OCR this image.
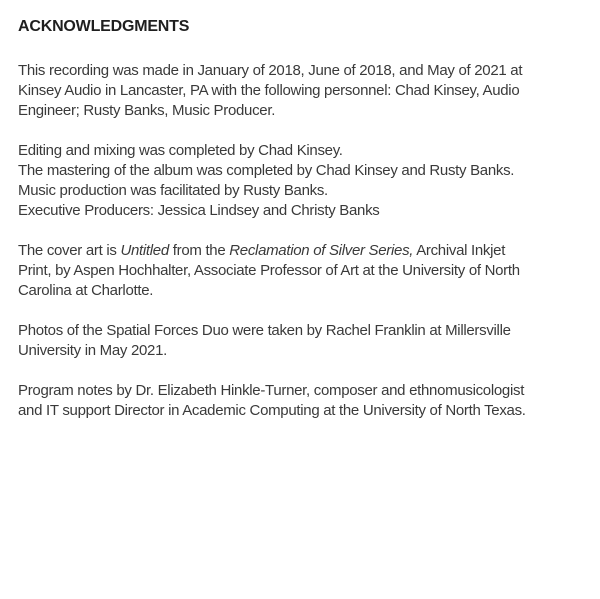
ACKNOWLEDGMENTS

This recording was made in January of 2018, June of 2018, and May of 2021 at
Kinsey Audio in Lancaster, PA with the following personnel: Chad Kinsey, Audio
Engineer; Rusty Banks, Music Producer.

Editing and mixing was completed by Chad Kinsey.
The mastering of the album was completed by Chad Kinsey and Rusty Banks.
Music production was facilitated by Rusty Banks.
Executive Producers: Jessica Lindsey and Christy Banks

The cover art is Untitled from the Reclamation of Silver Series, Archival Inkjet
Print, by Aspen Hochhalter, Associate Professor of Art at the University of North
Carolina at Charlotte.

Photos of the Spatial Forces Duo were taken by Rachel Franklin at Millersville
University in May 2021.

Program notes by Dr. Elizabeth Hinkle-Turner, composer and ethnomusicologist
and IT support Director in Academic Computing at the University of North Texas.
